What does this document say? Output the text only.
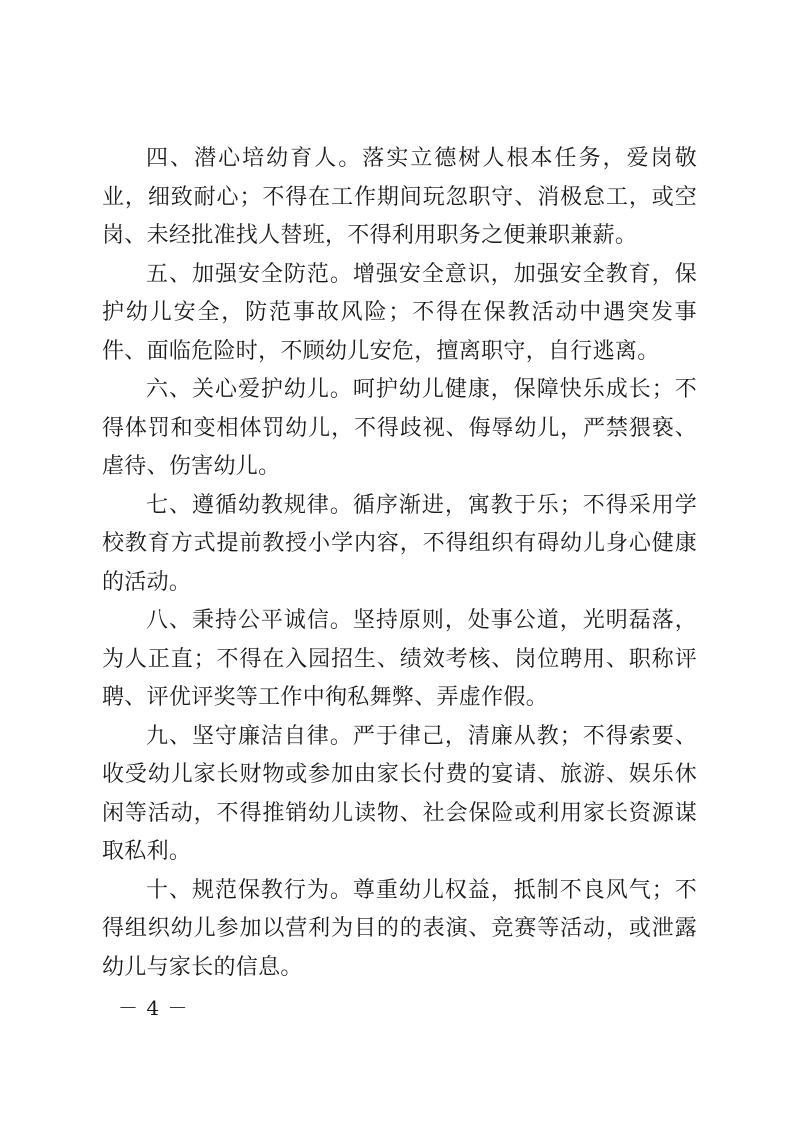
四、潜心培幼育人。落实立德树人根本任务，爱岗敬业，细致耐心；不得在工作期间玩忽职守、消极怠工，或空岗、未经批准找人替班，不得利用职务之便兼职兼薪。

五、加强安全防范。增强安全意识，加强安全教育，保护幼儿安全，防范事故风险；不得在保教活动中遇突发事件、面临危险时，不顾幼儿安危，擅离职守，自行逃离。

六、关心爱护幼儿。呵护幼儿健康，保障快乐成长；不得体罚和变相体罚幼儿，不得歧视、侮辱幼儿，严禁猥亵、虐待、伤害幼儿。

七、遵循幼教规律。循序渐进，寓教于乐；不得采用学校教育方式提前教授小学内容，不得组织有碍幼儿身心健康的活动。

八、秉持公平诚信。坚持原则，处事公道，光明磊落，为人正直；不得在入园招生、绩效考核、岗位聘用、职称评聘、评优评奖等工作中徇私舞弊、弄虚作假。

九、坚守廉洁自律。严于律己，清廉从教；不得索要、收受幼儿家长财物或参加由家长付费的宴请、旅游、娱乐休闲等活动，不得推销幼儿读物、社会保险或利用家长资源谋取私利。

十、规范保教行为。尊重幼儿权益，抵制不良风气；不得组织幼儿参加以营利为目的的表演、竞赛等活动，或泄露幼儿与家长的信息。

－ 4 －
